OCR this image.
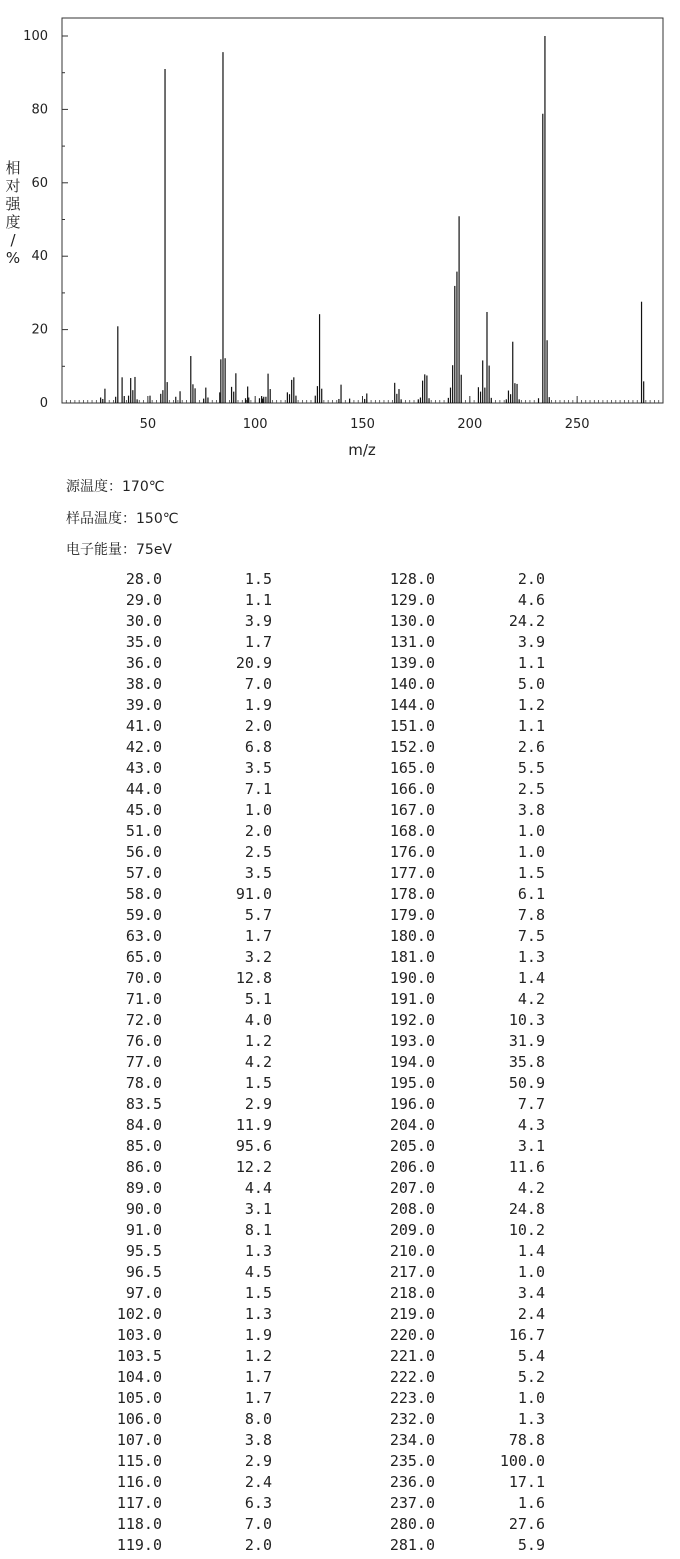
0
20
40
60
80
100
50	100	150	200	250
m/z
相对强度/ %
源温度：170℃
样品温度：150℃
电子能量：75eV
28.0	1.5	128.0	2.0
29.0	1.1	129.0	4.6
30.0	3.9	130.0	24.2
35.0	1.7	131.0	3.9
36.0	20.9	139.0	1.1
38.0	7.0	140.0	5.0
39.0	1.9	144.0	1.2
41.0	2.0	151.0	1.1
42.0	6.8	152.0	2.6
43.0	3.5	165.0	5.5
44.0	7.1	166.0	2.5
45.0	1.0	167.0	3.8
51.0	2.0	168.0	1.0
56.0	2.5	176.0	1.0
57.0	3.5	177.0	1.5
58.0	91.0	178.0	6.1
59.0	5.7	179.0	7.8
63.0	1.7	180.0	7.5
65.0	3.2	181.0	1.3
70.0	12.8	190.0	1.4
71.0	5.1	191.0	4.2
72.0	4.0	192.0	10.3
76.0	1.2	193.0	31.9
77.0	4.2	194.0	35.8
78.0	1.5	195.0	50.9
83.5	2.9	196.0	7.7
84.0	11.9	204.0	4.3
85.0	95.6	205.0	3.1
86.0	12.2	206.0	11.6
89.0	4.4	207.0	4.2
90.0	3.1	208.0	24.8
91.0	8.1	209.0	10.2
95.5	1.3	210.0	1.4
96.5	4.5	217.0	1.0
97.0	1.5	218.0	3.4
102.0	1.3	219.0	2.4
103.0	1.9	220.0	16.7
103.5	1.2	221.0	5.4
104.0	1.7	222.0	5.2
105.0	1.7	223.0	1.0
106.0	8.0	232.0	1.3
107.0	3.8	234.0	78.8
115.0	2.9	235.0	100.0
116.0	2.4	236.0	17.1
117.0	6.3	237.0	1.6
118.0	7.0	280.0	27.6
119.0	2.0	281.0	5.9
